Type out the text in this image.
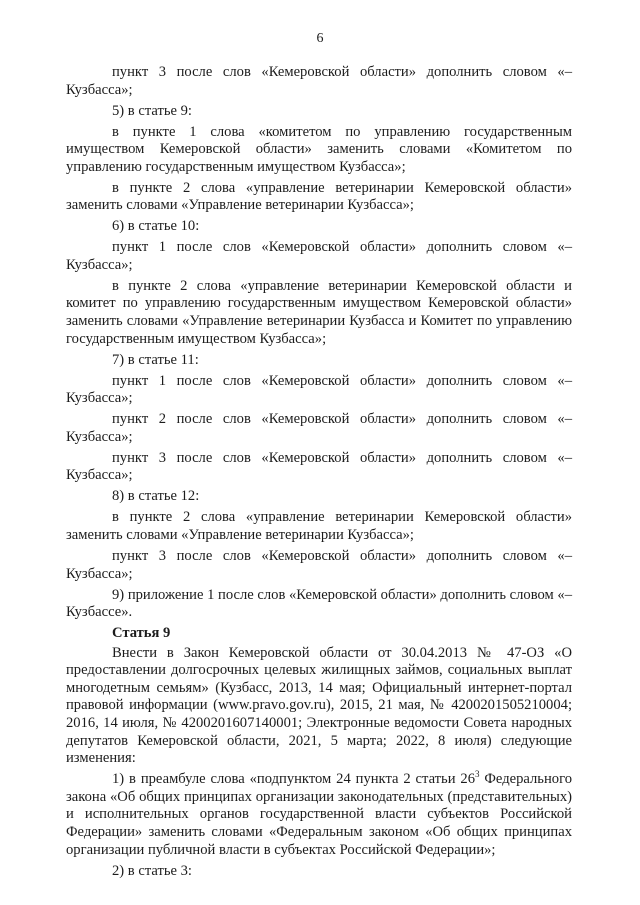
6

пункт 3 после слов «Кемеровской области» дополнить словом «– Кузбасса»;

5) в статье 9:

в пункте 1 слова «комитетом по управлению государственным имуществом Кемеровской области» заменить словами «Комитетом по управлению государственным имуществом Кузбасса»;

в пункте 2 слова «управление ветеринарии Кемеровской области» заменить словами «Управление ветеринарии Кузбасса»;

6) в статье 10:

пункт 1 после слов «Кемеровской области» дополнить словом «– Кузбасса»;

в пункте 2 слова «управление ветеринарии Кемеровской области и комитет по управлению государственным имуществом Кемеровской области» заменить словами «Управление ветеринарии Кузбасса и Комитет по управлению государственным имуществом Кузбасса»;

7) в статье 11:

пункт 1 после слов «Кемеровской области» дополнить словом «– Кузбасса»;

пункт 2 после слов «Кемеровской области» дополнить словом «– Кузбасса»;

пункт 3 после слов «Кемеровской области» дополнить словом «– Кузбасса»;

8) в статье 12:

в пункте 2 слова «управление ветеринарии Кемеровской области» заменить словами «Управление ветеринарии Кузбасса»;

пункт 3 после слов «Кемеровской области» дополнить словом «– Кузбасса»;

9) приложение 1 после слов «Кемеровской области» дополнить словом «– Кузбассе».

Статья 9

Внести в Закон Кемеровской области от 30.04.2013 № 47-ОЗ «О предоставлении долгосрочных целевых жилищных займов, социальных выплат многодетным семьям» (Кузбасс, 2013, 14 мая; Официальный интернет-портал правовой информации (www.pravo.gov.ru), 2015, 21 мая, № 4200201505210004; 2016, 14 июля, № 4200201607140001; Электронные ведомости Совета народных депутатов Кемеровской области, 2021, 5 марта; 2022, 8 июля) следующие изменения:

1) в преамбуле слова «подпунктом 24 пункта 2 статьи $26^3$ Федерального закона «Об общих принципах организации законодательных (представительных) и исполнительных органов государственной власти субъектов Российской Федерации» заменить словами «Федеральным законом «Об общих принципах организации публичной власти в субъектах Российской Федерации»;

2) в статье 3:
